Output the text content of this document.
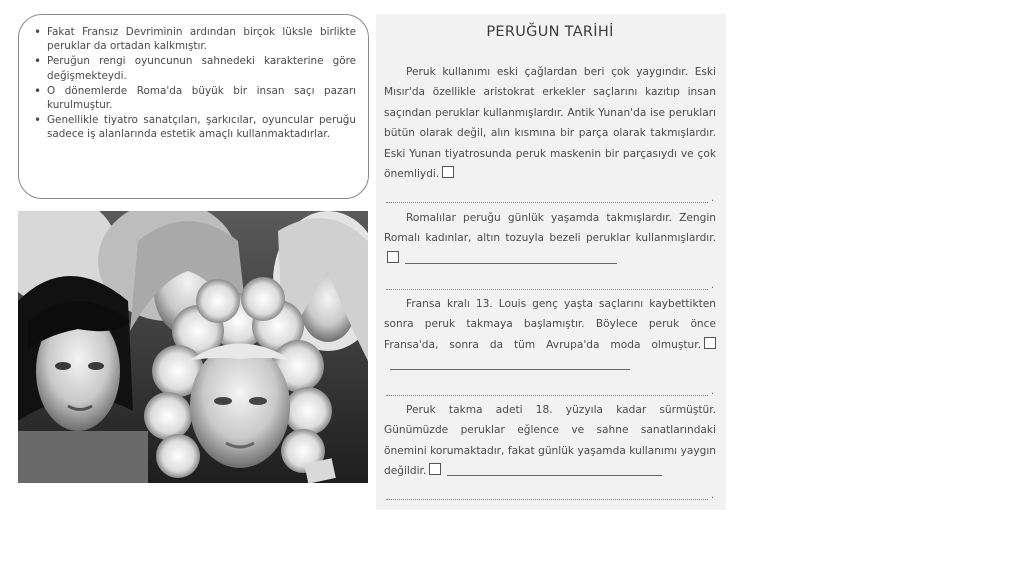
• Fakat Fransız Devriminin ardından birçok lüksle birlikte peruklar da ortadan kalkmıştır.
• Peruğun rengi oyuncunun sahnedeki karakterine göre değişmekteydi.
• O dönemlerde Roma'da büyük bir insan saçı pazarı kurulmuştur.
• Genellikle tiyatro sanatçıları, şarkıcılar, oyuncular peruğu sadece iş alanlarında estetik amaçlı kullanmaktadırlar.
PERUĞUN TARİHİ
Peruk kullanımı eski çağlardan beri çok yaygındır. Eski Mısır'da özellikle aristokrat erkekler saçlarını kazıtıp insan saçından peruklar kullanmışlardır. Antik Yunan'da ise perukları bütün olarak değil, alın kısmına bir parça olarak takmışlardır. Eski Yunan tiyatrosunda peruk maskenin bir parçasıydı ve çok önemliydi.
.
Romalılar peruğu günlük yaşamda takmışlardır. Zengin Romalı kadınlar, altın tozuyla bezeli peruklar kullanmışlardır.
.
Fransa kralı 13. Louis genç yaşta saçlarını kaybettikten sonra peruk takmaya başlamıştır. Böylece peruk önce Fransa'da, sonra da tüm Avrupa'da moda olmuştur.
.
Peruk takma adeti 18. yüzyıla kadar sürmüştür. Günümüzde peruklar eğlence ve sahne sanatlarındaki önemini korumaktadır, fakat günlük yaşamda kullanımı yaygın değildir.
.
